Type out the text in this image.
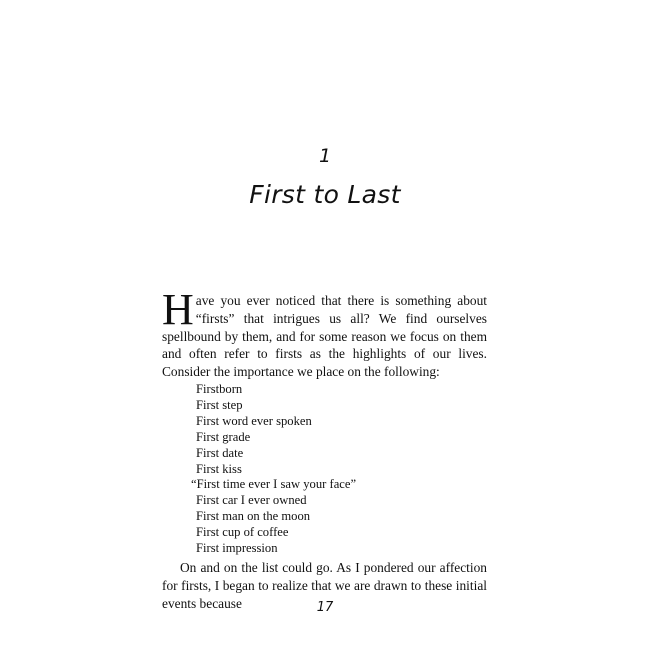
1
First to Last
Have you ever noticed that there is something about “firsts” that intrigues us all? We find ourselves spellbound by them, and for some reason we focus on them and often refer to firsts as the highlights of our lives. Consider the importance we place on the following:
Firstborn
First step
First word ever spoken
First grade
First date
First kiss
“First time ever I saw your face”
First car I ever owned
First man on the moon
First cup of coffee
First impression
On and on the list could go. As I pondered our affection for firsts, I began to realize that we are drawn to these initial events because	17
